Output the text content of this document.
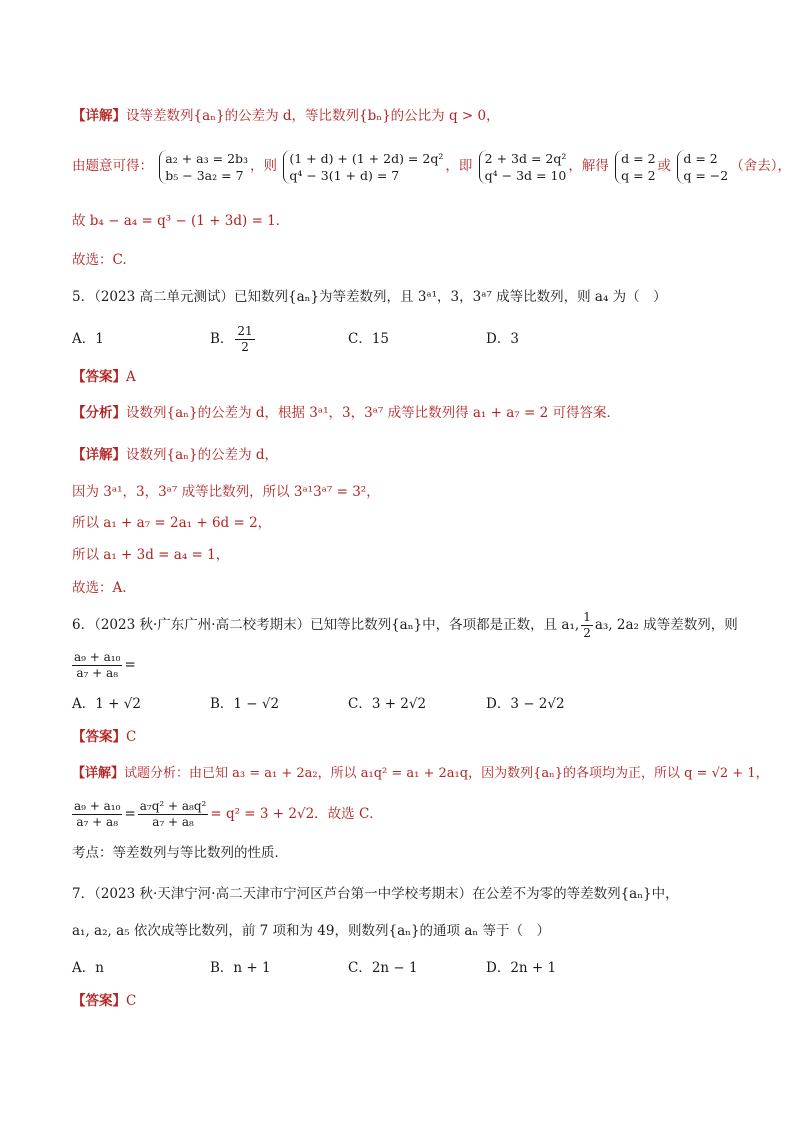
【详解】设等差数列{aₙ}的公差为 d，等比数列{bₙ}的公比为 q > 0，
由题意可得： a₂ + a₃ = 2b₃
b₅ − 3a₂ = 7
，则 (1 + d) + (1 + 2d) = 2q²
q⁴ − 3(1 + d) = 7
，即 2 + 3d = 2q²
q⁴ − 3d = 10
，解得 d = 2
q = 2
或 d = 2
q = −2
（舍去），
故 b₄ − a₄ = q³ − (1 + 3d) = 1．
故选：C.
5．（2023 高二单元测试）已知数列{aₙ}为等差数列，且 3ᵃ¹，3，3ᵃ⁷ 成等比数列，则 a₄ 为（　）
A．1	B． $\frac{21}{2}$	C．15	D．3
【答案】A
【分析】设数列{aₙ}的公差为 d，根据 3ᵃ¹，3，3ᵃ⁷ 成等比数列得 a₁ + a₇ = 2 可得答案．
【详解】设数列{aₙ}的公差为 d，
因为 3ᵃ¹，3，3ᵃ⁷ 成等比数列，所以 3ᵃ¹3ᵃ⁷ = 3²，
所以 a₁ + a₇ = 2a₁ + 6d = 2，
所以 a₁ + 3d = a₄ = 1，
故选：A.
6．（2023 秋·广东广州·高二校考期末）已知等比数列{aₙ}中，各项都是正数，且 a₁, $\frac{1}{2} a_3$, 2a₂ 成等差数列，则
$\frac{\text{a₉ + a₁₀}}{\text{a₇ + a₈}}$ =
A．1 + √2	B．1 − √2	C．3 + 2√2	D．3 − 2√2
【答案】C
【详解】试题分析：由已知 a₃ = a₁ + 2a₂，所以 a₁q² = a₁ + 2a₁q，因为数列{aₙ}的各项均为正，所以 q = √2 + 1，
$\frac{\text{a₉ + a₁₀}}{\text{a₇ + a₈}} = \frac{\text{a₇q² + a₈q²}}{\text{a₇ + a₈}} = q^2 = 3 + 2√2$．故选 C．
考点：等差数列与等比数列的性质．
7．（2023 秋·天津宁河·高二天津市宁河区芦台第一中学校考期末）在公差不为零的等差数列{aₙ}中，
a₁, a₂, a₅ 依次成等比数列，前 7 项和为 49，则数列{aₙ}的通项 aₙ 等于（　）
A．n	B．n + 1	C．2n − 1	D．2n + 1
【答案】C
